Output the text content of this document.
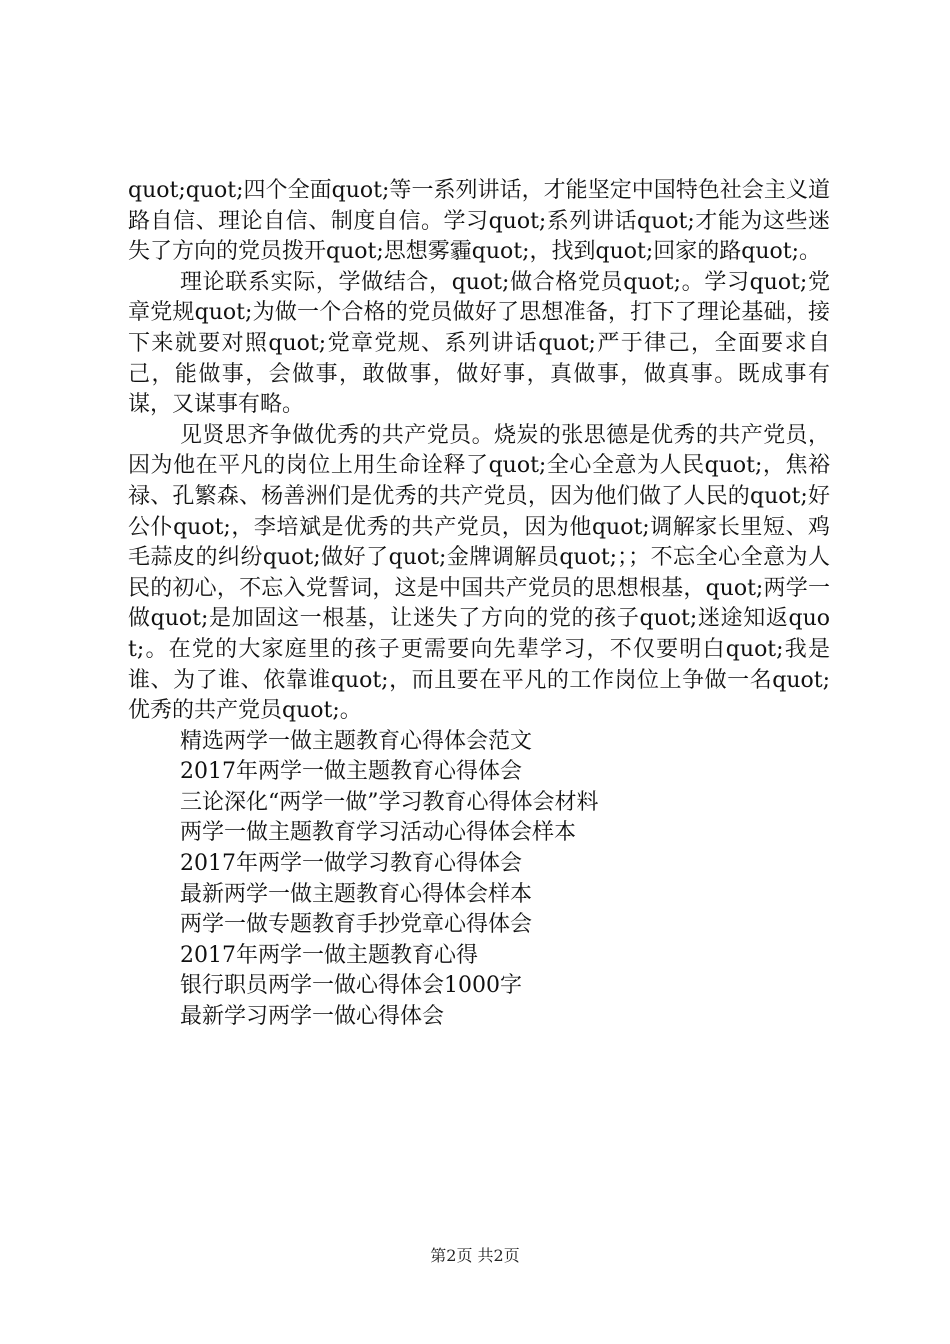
quot;quot;四个全面quot;等一系列讲话，才能坚定中国特色社会主义道路自信、理论自信、制度自信。学习quot;系列讲话quot;才能为这些迷失了方向的党员拨开quot;思想雾霾quot;，找到quot;回家的路quot;。

理论联系实际，学做结合，quot;做合格党员quot;。学习quot;党章党规quot;为做一个合格的党员做好了思想准备，打下了理论基础，接下来就要对照quot;党章党规、系列讲话quot;严于律己，全面要求自己，能做事，会做事，敢做事，做好事，真做事，做真事。既成事有谋，又谋事有略。

见贤思齐争做优秀的共产党员。烧炭的张思德是优秀的共产党员，因为他在平凡的岗位上用生命诠释了quot;全心全意为人民quot;，焦裕禄、孔繁森、杨善洲们是优秀的共产党员，因为他们做了人民的quot;好公仆quot;，李培斌是优秀的共产党员，因为他quot;调解家长里短、鸡毛蒜皮的纠纷quot;做好了quot;金牌调解员quot;；；不忘全心全意为人民的初心，不忘入党誓词，这是中国共产党员的思想根基，quot;两学一做quot;是加固这一根基，让迷失了方向的党的孩子quot;迷途知返quot;。在党的大家庭里的孩子更需要向先辈学习，不仅要明白quot;我是谁、为了谁、依靠谁quot;，而且要在平凡的工作岗位上争做一名quot;优秀的共产党员quot;。

精选两学一做主题教育心得体会范文
2017年两学一做主题教育心得体会
三论深化“两学一做”学习教育心得体会材料
两学一做主题教育学习活动心得体会样本
2017年两学一做学习教育心得体会
最新两学一做主题教育心得体会样本
两学一做专题教育手抄党章心得体会
2017年两学一做主题教育心得
银行职员两学一做心得体会1000字
最新学习两学一做心得体会
第2页 共2页
